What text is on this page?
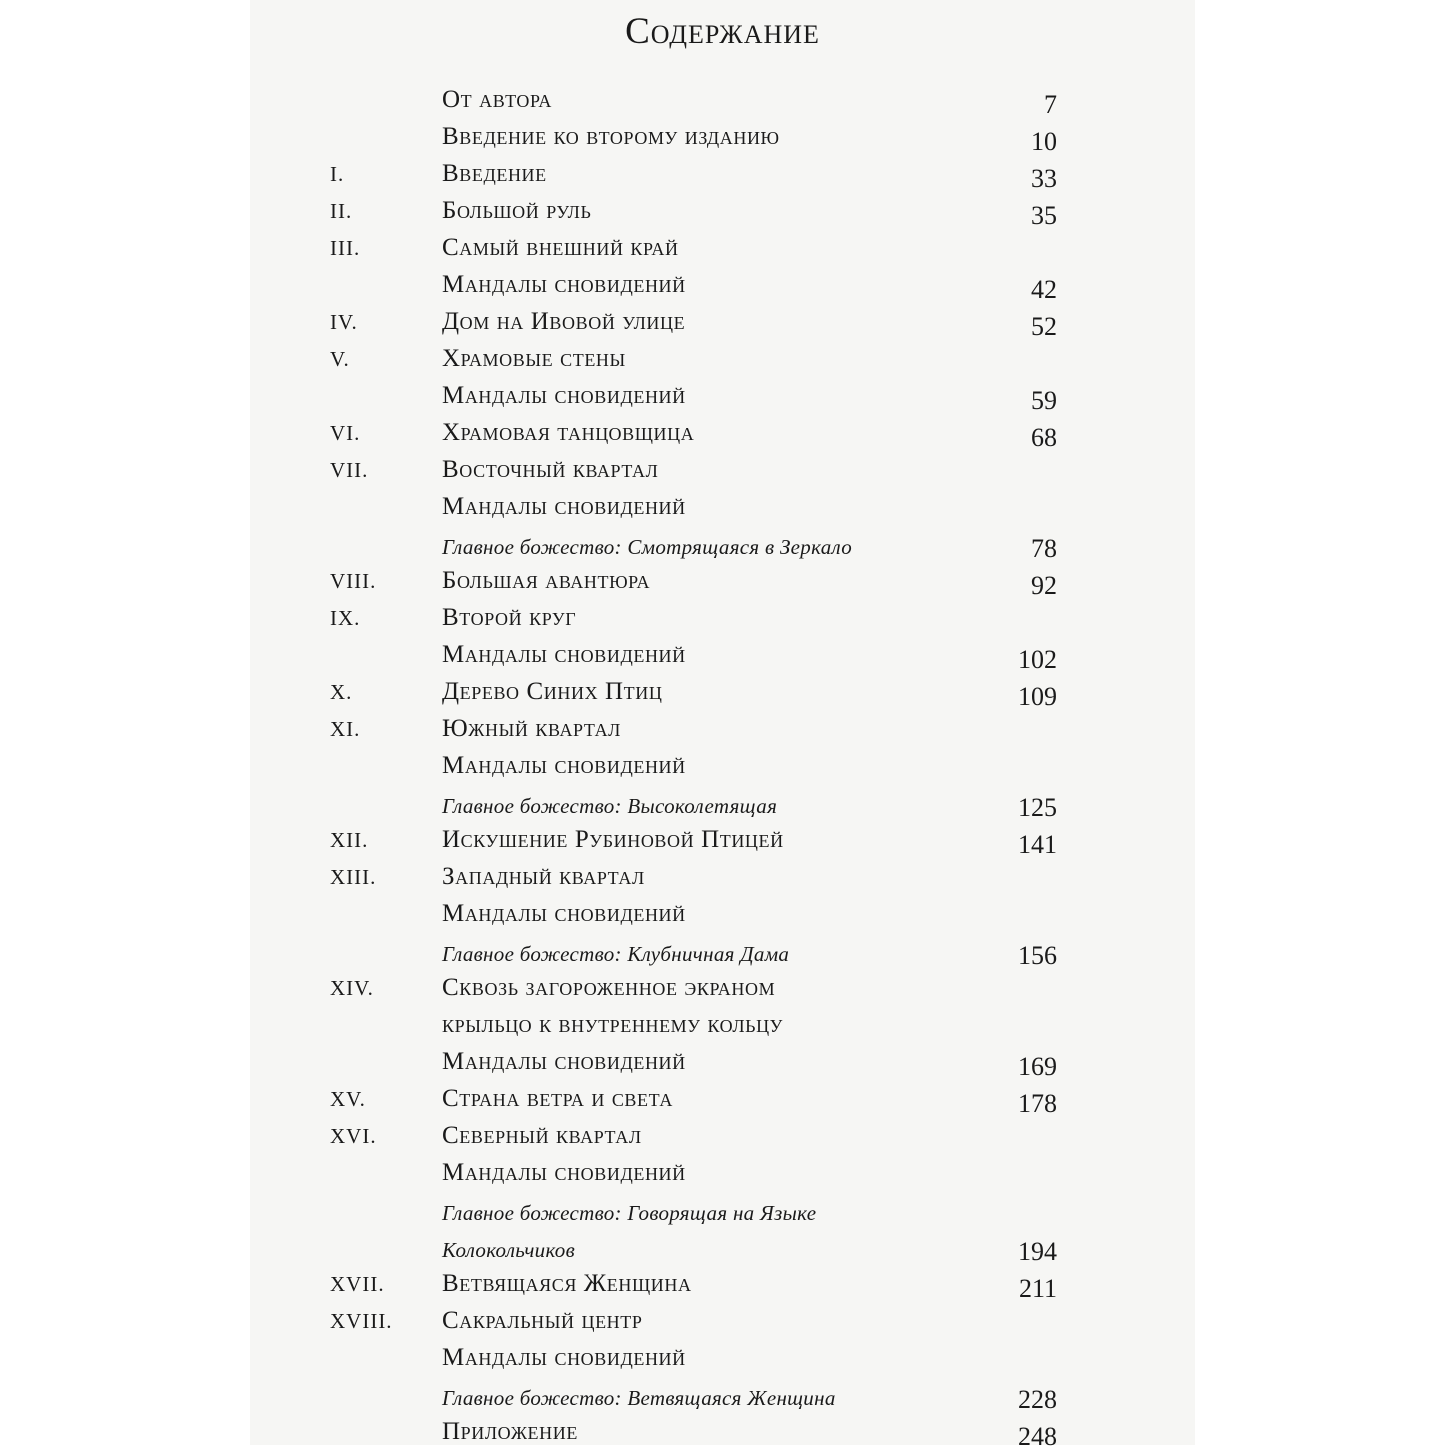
Содержание
От автора	7
Введение ко второму изданию	10
I.	Введение	33
II.	Большой руль	35
III.	Самый внешний край
Мандалы сновидений	42
IV.	Дом на Ивовой улице	52
V.	Храмовые стены
Мандалы сновидений	59
VI.	Храмовая танцовщица	68
VII.	Восточный квартал
Мандалы сновидений
Главное божество: Смотрящаяся в Зеркало	78
VIII.	Большая авантюра	92
IX.	Второй круг
Мандалы сновидений	102
X.	Дерево Синих Птиц	109
XI.	Южный квартал
Мандалы сновидений
Главное божество: Высоколетящая	125
XII.	Искушение Рубиновой Птицей	141
XIII.	Западный квартал
Мандалы сновидений
Главное божество: Клубничная Дама	156
XIV.	Сквозь загороженное экраном
крыльцо к внутреннему кольцу
Мандалы сновидений	169
XV.	Страна ветра и света	178
XVI.	Северный квартал
Мандалы сновидений
Главное божество: Говорящая на Языке
Колокольчиков	194
XVII.	Ветвящаяся Женщина	211
XVIII.	Сакральный центр
Мандалы сновидений
Главное божество: Ветвящаяся Женщина	228
Приложение	248
